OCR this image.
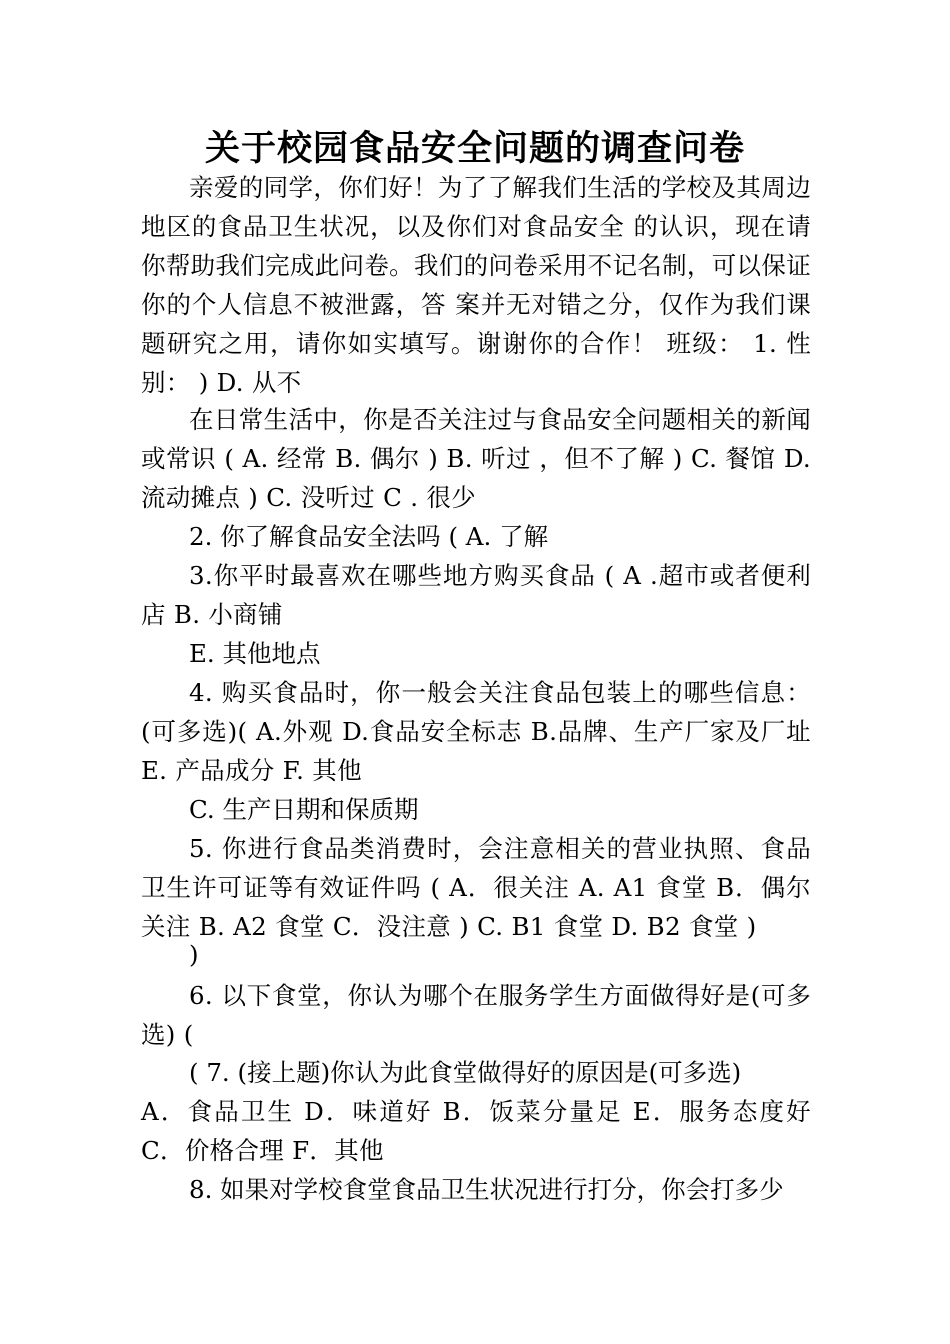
关于校园食品安全问题的调查问卷
亲爱的同学，你们好！为了了解我们生活的学校及其周边地区的食品卫生状况，以及你们对食品安全 的认识，现在请你帮助我们完成此问卷。我们的问卷采用不记名制，可以保证你的个人信息不被泄露，答 案并无对错之分，仅作为我们课题研究之用，请你如实填写。谢谢你的合作！ 班级： 1. 性别： ) D. 从不
在日常生活中，你是否关注过与食品安全问题相关的新闻或常识 ( A. 经常 B. 偶尔 ) B. 听过 ，但不了解 ) C. 餐馆 D. 流动摊点 ) C. 没听过 C . 很少
2. 你了解食品安全法吗 ( A. 了解
3.你平时最喜欢在哪些地方购买食品 ( A .超市或者便利店 B. 小商铺
E. 其他地点
4. 购买食品时，你一般会关注食品包装上的哪些信息：(可多选)( A.外观 D.食品安全标志 B.品牌、生产厂家及厂址 E. 产品成分 F. 其他
C. 生产日期和保质期
5. 你进行食品类消费时，会注意相关的营业执照、食品卫生许可证等有效证件吗 ( A．很关注 A. A1 食堂 B．偶尔关注 B. A2 食堂 C．没注意 ) C. B1 食堂 D. B2 食堂 )
)
6. 以下食堂，你认为哪个在服务学生方面做得好是(可多选) (
( 7. (接上题)你认为此食堂做得好的原因是(可多选)
A．食品卫生 D．味道好 B．饭菜分量足 E．服务态度好 C．价格合理 F．其他
8. 如果对学校食堂食品卫生状况进行打分，你会打多少
